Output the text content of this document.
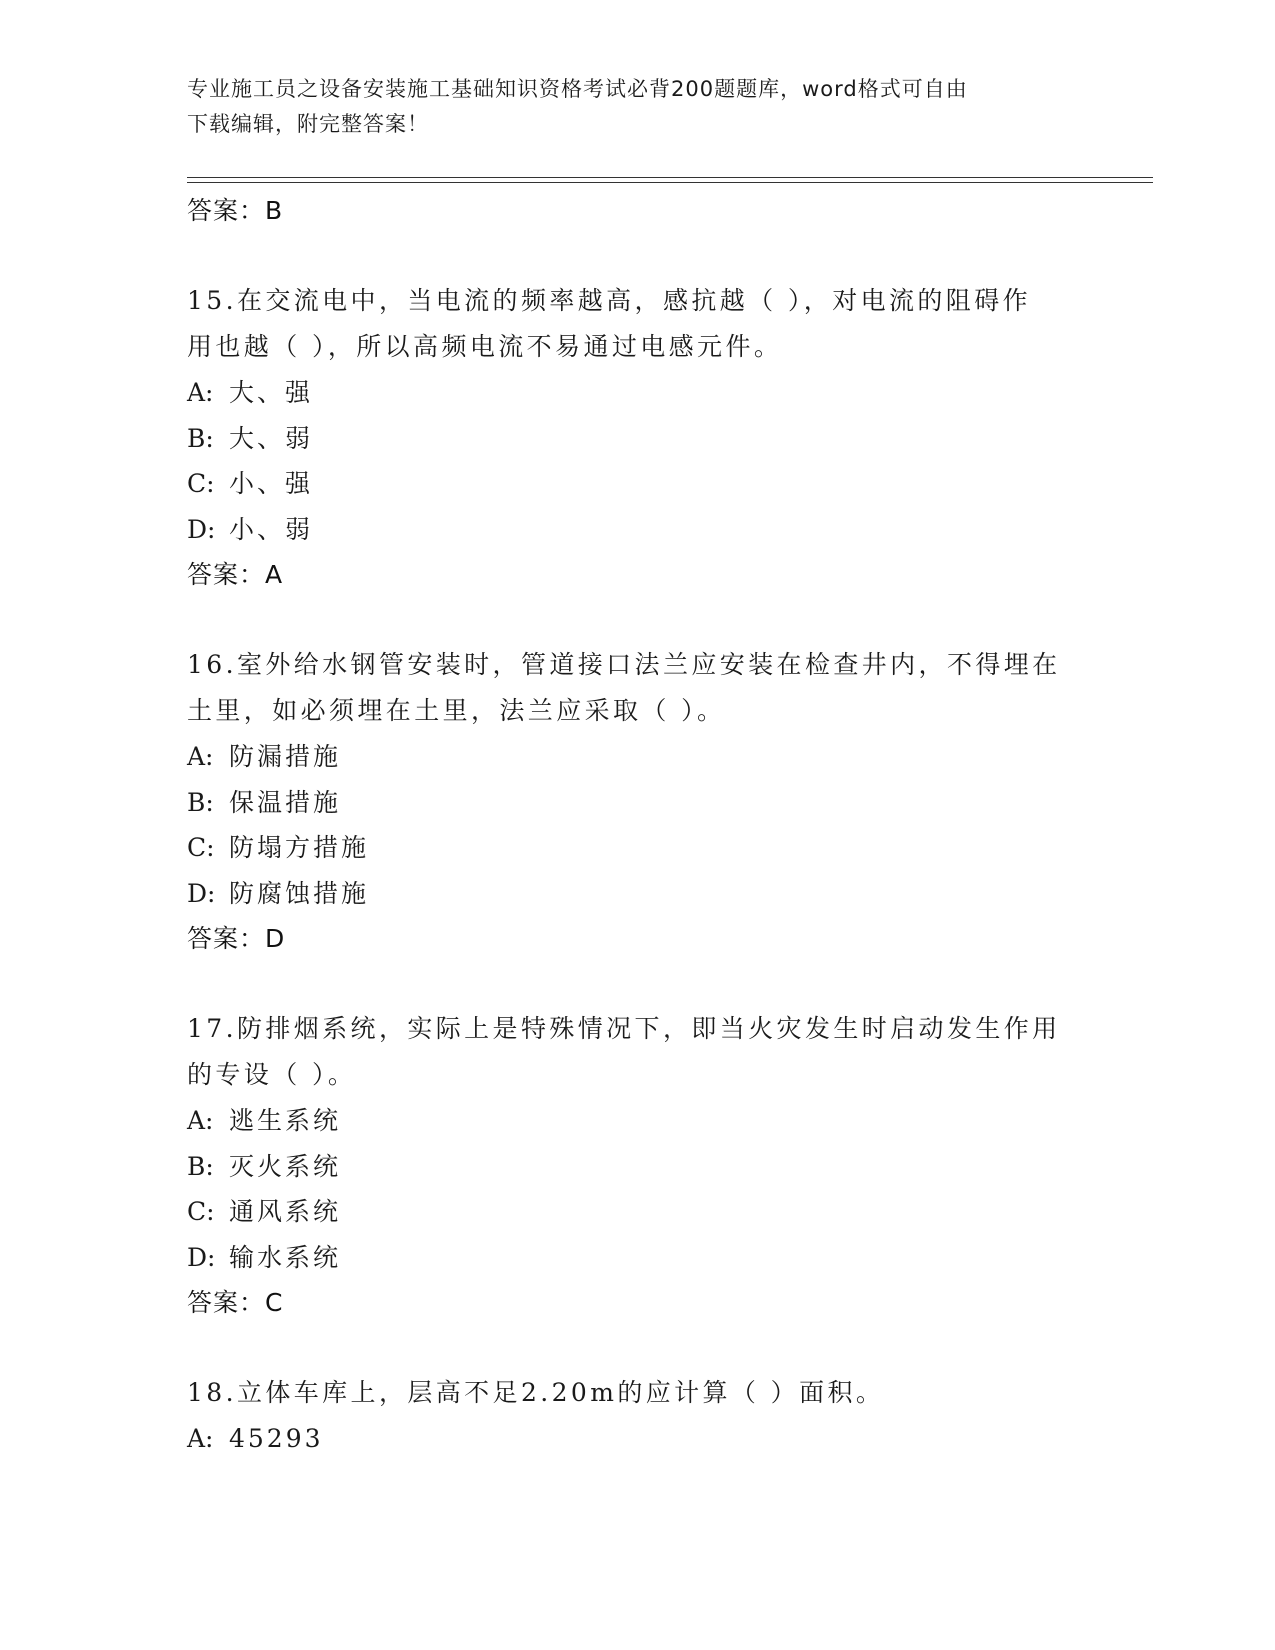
专业施工员之设备安装施工基础知识资格考试必背200题题库，word格式可自由
下载编辑，附完整答案！
答案：B
15.在交流电中，当电流的频率越高，感抗越（ ），对电流的阻碍作
用也越（ ），所以高频电流不易通过电感元件。
A: 大、强
B: 大、弱
C: 小、强
D: 小、弱
答案：A
16.室外给水钢管安装时，管道接口法兰应安装在检查井内，不得埋在
土里，如必须埋在土里，法兰应采取（ ）。
A: 防漏措施
B: 保温措施
C: 防塌方措施
D: 防腐蚀措施
答案：D
17.防排烟系统，实际上是特殊情况下，即当火灾发生时启动发生作用
的专设（ ）。
A: 逃生系统
B: 灭火系统
C: 通风系统
D: 输水系统
答案：C
18.立体车库上，层高不足2.20m的应计算（ ）面积。
A: 45293
